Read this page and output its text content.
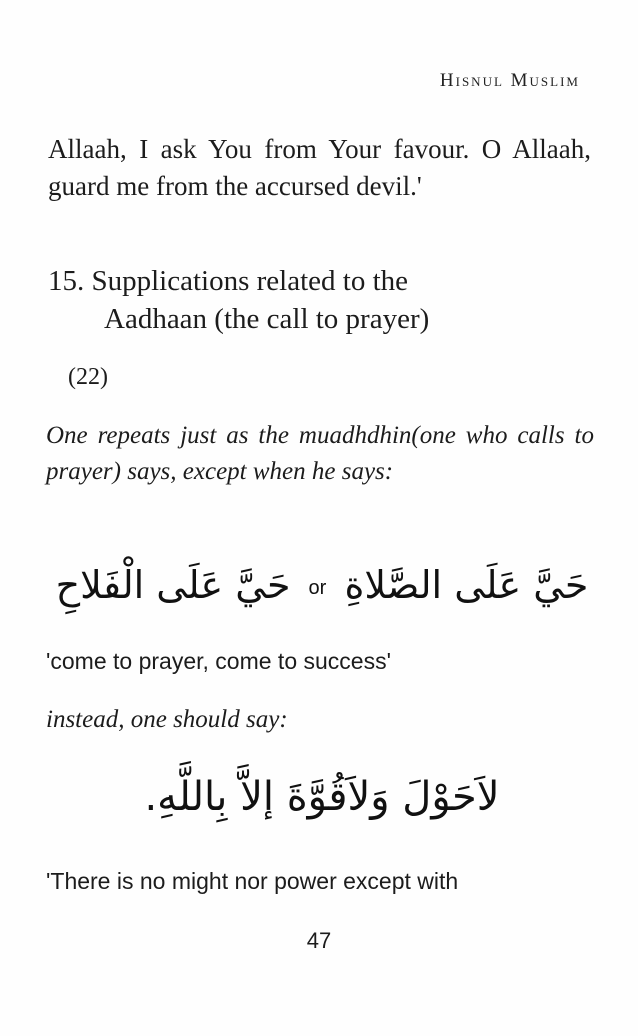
Hisnul Muslim
Allaah, I ask You from Your favour. O Allaah, guard me from the accursed devil.'
15. Supplications related to the
Aadhaan (the call to prayer)
(22)
One repeats just as the muadhdhin(one who calls to prayer) says, except when he says:
حَيَّ عَلَى الصَّلاةِ or حَيَّ عَلَى الْفَلاحِ
'come to prayer, come to success'
instead, one should say:
لاَحَوْلَ وَلاَقُوَّةَ إلاَّ بِاللَّهِ.
'There is no might nor power except with
47
